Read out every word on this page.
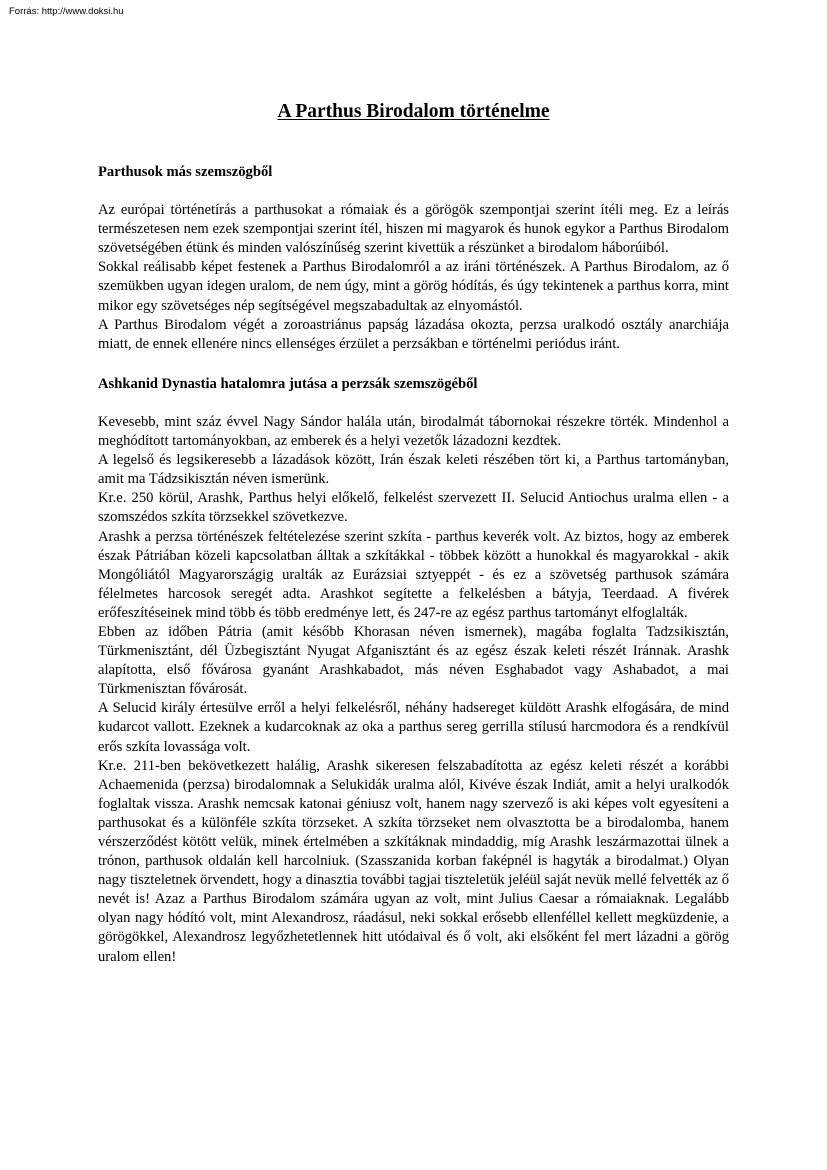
Forrás: http://www.doksi.hu
A Parthus Birodalom történelme
Parthusok más szemszögből

Az európai történetírás a parthusokat a rómaiak és a görögök szempontjai szerint ítéli meg. Ez a leírás természetesen nem ezek szempontjai szerint ítél, hiszen mi magyarok és hunok egykor a Parthus Birodalom szövetségében étünk és minden valószínűség szerint kivettük a részünket a birodalom háborúiból.

Sokkal reálisabb képet festenek a Parthus Birodalomról a az iráni történészek. A Parthus Birodalom, az ő szemükben ugyan idegen uralom, de nem úgy, mint a görög hódítás, és úgy tekintenek a parthus korra, mint mikor egy szövetséges nép segítségével megszabadultak az elnyomástól.

A Parthus Birodalom végét a zoroastriánus papság lázadása okozta, perzsa uralkodó osztály anarchiája miatt, de ennek ellenére nincs ellenséges érzület a perzsákban e történelmi periódus iránt.

Ashkanid Dynastia hatalomra jutása a perzsák szemszögéből

Kevesebb, mint száz évvel Nagy Sándor halála után, birodalmát tábornokai részekre törték. Mindenhol a meghódított tartományokban, az emberek és a helyi vezetők lázadozni kezdtek.

A legelső és legsikeresebb a lázadások között, Irán észak keleti részében tört ki, a Parthus tartományban, amit ma Tádzsikisztán néven ismerünk.

Kr.e. 250 körül, Arashk, Parthus helyi előkelő, felkelést szervezett II. Selucid Antiochus uralma ellen - a szomszédos szkíta törzsekkel szövetkezve.

Arashk a perzsa történészek feltételezése szerint szkíta - parthus keverék volt. Az biztos, hogy az emberek észak Pátriában közeli kapcsolatban álltak a szkítákkal - többek között a hunokkal és magyarokkal - akik Mongóliától Magyarországig uralták az Eurázsiai sztyeppét - és ez a szövetség parthusok számára félelmetes harcosok seregét adta. Arashkot segítette a felkelésben a bátyja, Teerdaad. A fivérek erőfeszítéseinek mind több és több eredménye lett, és 247-re az egész parthus tartományt elfoglalták.

Ebben az időben Pátria (amit később Khorasan néven ismernek), magába foglalta Tadzsikisztán, Türkmenisztánt, dél Üzbegisztánt Nyugat Afganisztánt és az egész észak keleti részét Iránnak. Arashk alapította, első fővárosa gyanánt Arashkabadot, más néven Esghabadot vagy Ashabadot, a mai Türkmenisztan fővárosát.

A Selucid király értesülve erről a helyi felkelésről, néhány hadsereget küldött Arashk elfogására, de mind kudarcot vallott. Ezeknek a kudarcoknak az oka a parthus sereg gerrilla stílusú harcmodora és a rendkívül erős szkíta lovassága volt.

Kr.e. 211-ben bekövetkezett halálig, Arashk sikeresen felszabadította az egész keleti részét a korábbi Achaemenida (perzsa) birodalomnak a Selukidák uralma alól, Kivéve észak Indiát, amit a helyi uralkodók foglaltak vissza. Arashk nemcsak katonai géniusz volt, hanem nagy szervező is aki képes volt egyesíteni a parthusokat és a különféle szkíta törzseket. A szkíta törzseket nem olvasztotta be a birodalomba, hanem vérszerződést kötött velük, minek értelmében a szkítáknak mindaddig, míg Arashk leszármazottai ülnek a trónon, parthusok oldalán kell harcolniuk. (Szasszanida korban faképnél is hagyták a birodalmat.) Olyan nagy tiszteletnek örvendett, hogy a dinasztia további tagjai tiszteletük jeléül saját nevük mellé felvették az ő nevét is! Azaz a Parthus Birodalom számára ugyan az volt, mint Julius Caesar a rómaiaknak. Legalább olyan nagy hódító volt, mint Alexandrosz, ráadásul, neki sokkal erősebb ellenféllel kellett megküzdenie, a görögökkel, Alexandrosz legyőzhetetlennek hitt utódaival és ő volt, aki elsőként fel mert lázadni a görög uralom ellen!
